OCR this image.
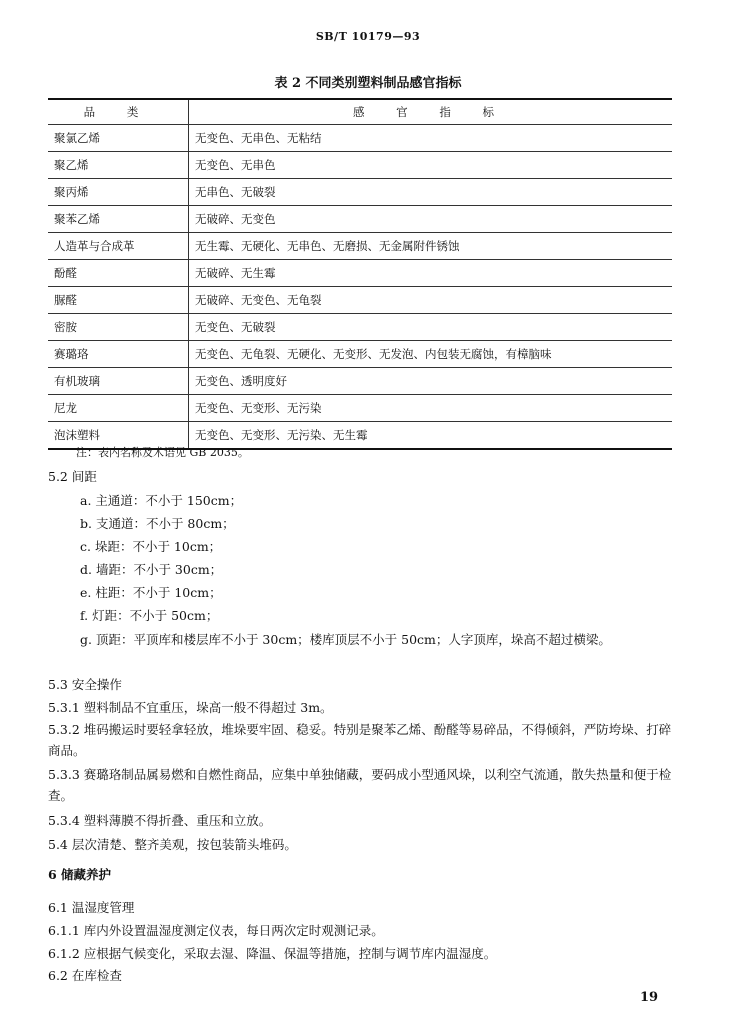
SB/T 10179—93
表 2 不同类别塑料制品感官指标
品 类	感 官 指 标
聚氯乙烯	无变色、无串色、无粘结
聚乙烯	无变色、无串色
聚丙烯	无串色、无破裂
聚苯乙烯	无破碎、无变色
人造革与合成革	无生霉、无硬化、无串色、无磨损、无金属附件锈蚀
酚醛	无破碎、无生霉
脲醛	无破碎、无变色、无龟裂
密胺	无变色、无破裂
赛璐珞	无变色、无龟裂、无硬化、无变形、无发泡、内包装无腐蚀，有樟脑味
有机玻璃	无变色、透明度好
尼龙	无变色、无变形、无污染
泡沫塑料	无变色、无变形、无污染、无生霉
注：表内名称及术语见 GB 2035。
5.2 间距
a. 主通道：不小于 150cm；
b. 支通道：不小于 80cm；
c. 垛距：不小于 10cm；
d. 墙距：不小于 30cm；
e. 柱距：不小于 10cm；
f. 灯距：不小于 50cm；
g. 顶距：平顶库和楼层库不小于 30cm；楼库顶层不小于 50cm；人字顶库，垛高不超过横梁。
5.3 安全操作
5.3.1 塑料制品不宜重压，垛高一般不得超过 3m。
5.3.2 堆码搬运时要轻拿轻放，堆垛要牢固、稳妥。特别是聚苯乙烯、酚醛等易碎品，不得倾斜，严防垮垛、打碎商品。
5.3.3 赛璐珞制品属易燃和自燃性商品，应集中单独储藏，要码成小型通风垛，以利空气流通，散失热量和便于检查。
5.3.4 塑料薄膜不得折叠、重压和立放。
5.4 层次清楚、整齐美观，按包装箭头堆码。
6 储藏养护
6.1 温湿度管理
6.1.1 库内外设置温湿度测定仪表，每日两次定时观测记录。
6.1.2 应根据气候变化，采取去湿、降温、保温等措施，控制与调节库内温湿度。
6.2 在库检查
19
